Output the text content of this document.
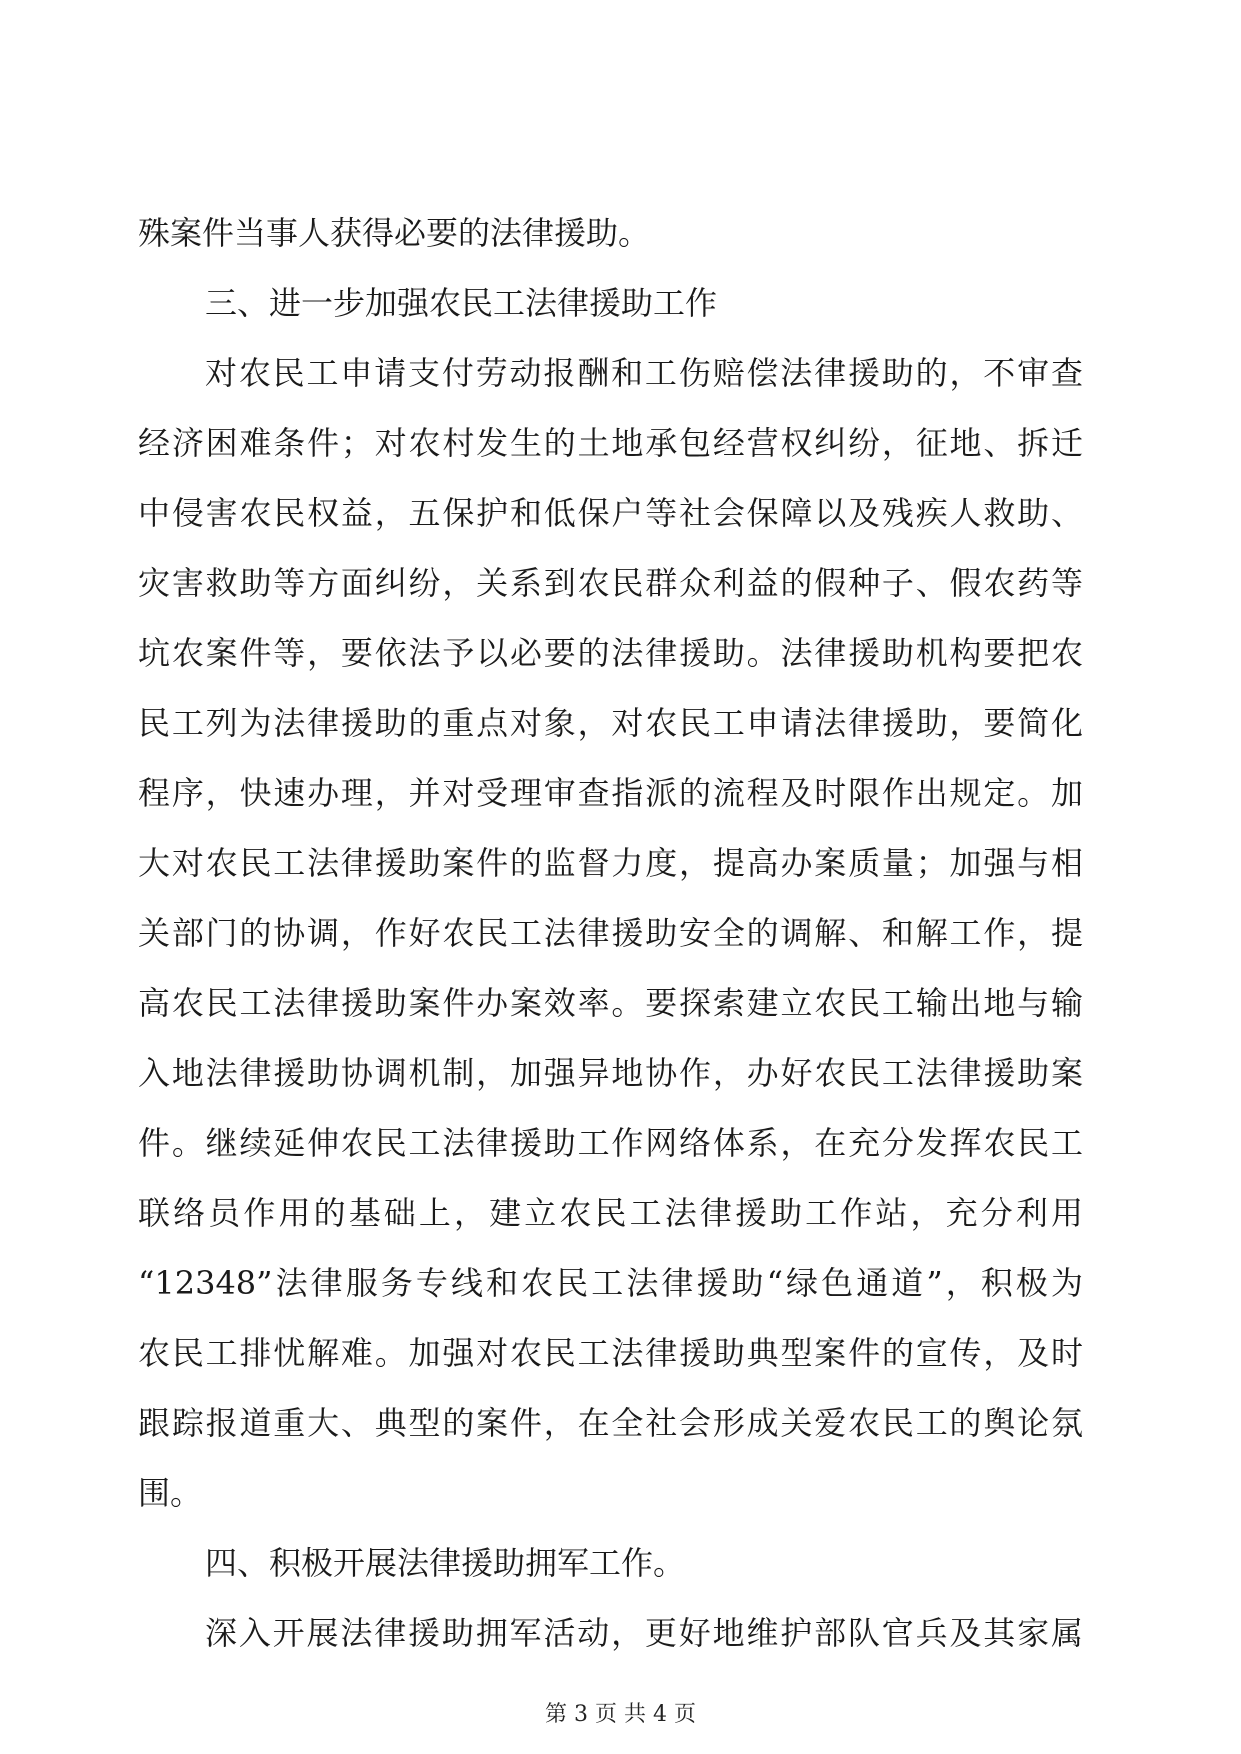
殊案件当事人获得必要的法律援助。
三、进一步加强农民工法律援助工作
对农民工申请支付劳动报酬和工伤赔偿法律援助的，不审查
经济困难条件；对农村发生的土地承包经营权纠纷，征地、拆迁
中侵害农民权益，五保护和低保户等社会保障以及残疾人救助、
灾害救助等方面纠纷，关系到农民群众利益的假种子、假农药等
坑农案件等，要依法予以必要的法律援助。法律援助机构要把农
民工列为法律援助的重点对象，对农民工申请法律援助，要简化
程序，快速办理，并对受理审查指派的流程及时限作出规定。加
大对农民工法律援助案件的监督力度，提高办案质量；加强与相
关部门的协调，作好农民工法律援助安全的调解、和解工作，提
高农民工法律援助案件办案效率。要探索建立农民工输出地与输
入地法律援助协调机制，加强异地协作，办好农民工法律援助案
件。继续延伸农民工法律援助工作网络体系，在充分发挥农民工
联络员作用的基础上，建立农民工法律援助工作站，充分利用
“12348”法律服务专线和农民工法律援助“绿色通道”，积极为
农民工排忧解难。加强对农民工法律援助典型案件的宣传，及时
跟踪报道重大、典型的案件，在全社会形成关爱农民工的舆论氛
围。
四、积极开展法律援助拥军工作。
深入开展法律援助拥军活动，更好地维护部队官兵及其家属
第 3 页 共 4 页
